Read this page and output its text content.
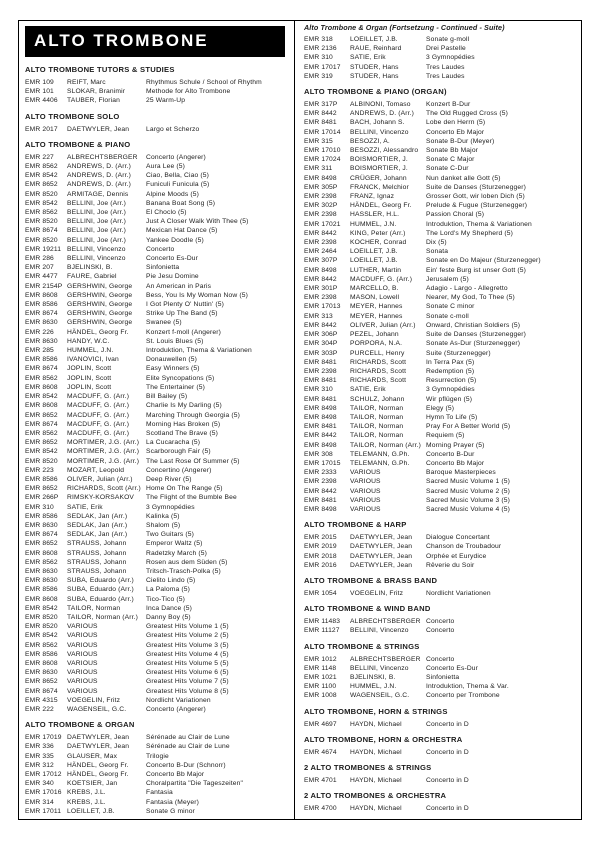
ALTO TROMBONE
ALTO TROMBONE TUTORS & STUDIES
EMR 109	REIFT, Marc	Rhythmus Schule / School of Rhythm
EMR 101	SLOKAR, Branimir	Methode for Alto Trombone
EMR 4406	TAUBER, Florian	25 Warm-Up
ALTO TROMBONE SOLO
EMR 2017	DAETWYLER, Jean	Largo et Scherzo
ALTO TROMBONE & PIANO
EMR 227	ALBRECHTSBERGER	Concerto (Angerer)
EMR 8562	ANDREWS, D. (Arr.)	Aura Lee (5)
EMR 8542	ANDREWS, D. (Arr.)	Ciao, Bella, Ciao (5)
EMR 8652	ANDREWS, D. (Arr.)	Funiculi Funicula (5)
EMR 8520	ARMITAGE, Dennis	Alpine Moods (5)
EMR 8542	BELLINI, Joe (Arr.)	Banana Boat Song (5)
EMR 8562	BELLINI, Joe (Arr.)	El Choclo (5)
EMR 8520	BELLINI, Joe (Arr.)	Just A Closer Walk With Thee (5)
EMR 8674	BELLINI, Joe (Arr.)	Mexican Hat Dance (5)
EMR 8520	BELLINI, Joe (Arr.)	Yankee Doodle (5)
EMR 19211 BELLINI, Vincenzo	Concerto
EMR 286	BELLINI, Vincenzo	Concerto Es-Dur
EMR 207	BJELINSKI, B.	Sinfonietta
EMR 4477	FAURE, Gabriel	Pie Jesu Domine
EMR 2154P GERSHWIN, George	An American in Paris
EMR 8608	GERSHWIN, George	Bess, You Is My Woman Now (5)
EMR 8586	GERSHWIN, George	I Got Plenty O' Nuttin' (5)
EMR 8674	GERSHWIN, George	Strike Up The Band (5)
EMR 8630	GERSHWIN, George	Swanee (5)
EMR 226	HÄNDEL, Georg Fr.	Konzert f-moll (Angerer)
EMR 8630	HANDY, W.C.	St. Louis Blues (5)
EMR 285	HUMMEL, J.N.	Introduktion, Thema & Variationen
EMR 8586	IVANOVICI, Ivan	Donauwellen (5)
EMR 8674	JOPLIN, Scott	Easy Winners (5)
EMR 8562	JOPLIN, Scott	Elite Syncopations (5)
EMR 8608	JOPLIN, Scott	The Entertainer (5)
EMR 8542	MACDUFF, G. (Arr.)	Bill Bailey (5)
EMR 8608	MACDUFF, G. (Arr.)	Charlie Is My Darling (5)
EMR 8652	MACDUFF, G. (Arr.)	Marching Through Georgia (5)
EMR 8674	MACDUFF, G. (Arr.)	Morning Has Broken (5)
EMR 8562	MACDUFF, G. (Arr.)	Scotland The Brave (5)
EMR 8652	MORTIMER, J.G. (Arr.)	La Cucaracha (5)
EMR 8542	MORTIMER, J.G. (Arr.)	Scarborough Fair (5)
EMR 8520	MORTIMER, J.G. (Arr.)	The Last Rose Of Summer (5)
EMR 223	MOZART, Leopold	Concertino (Angerer)
EMR 8586	OLIVER, Julian (Arr.)	Deep River (5)
EMR 8652	RICHARDS, Scott (Arr.) Home On The Range (5)
EMR 266P	RIMSKY-KORSAKOV	The Flight of the Bumble Bee
EMR 310	SATIE, Erik	3 Gymnopédies
EMR 8586	SEDLAK, Jan (Arr.)	Kalinka (5)
EMR 8630	SEDLAK, Jan (Arr.)	Shalom (5)
EMR 8674	SEDLAK, Jan (Arr.)	Two Guitars (5)
EMR 8652	STRAUSS, Johann	Emperor Waltz (5)
EMR 8608	STRAUSS, Johann	Radetzky March (5)
EMR 8562	STRAUSS, Johann	Rosen aus dem Süden (5)
EMR 8630	STRAUSS, Johann	Tritsch-Trasch-Polka (5)
EMR 8630	SUBA, Eduardo (Arr.)	Cielito Lindo (5)
EMR 8586	SUBA, Eduardo (Arr.)	La Paloma (5)
EMR 8608	SUBA, Eduardo (Arr.)	Tico-Tico (5)
EMR 8542	TAILOR, Norman	Inca Dance (5)
EMR 8520	TAILOR, Norman (Arr.)	Danny Boy (5)
EMR 8520	VARIOUS	Greatest Hits Volume 1 (5)
EMR 8542	VARIOUS	Greatest Hits Volume 2 (5)
EMR 8562	VARIOUS	Greatest Hits Volume 3 (5)
EMR 8586	VARIOUS	Greatest Hits Volume 4 (5)
EMR 8608	VARIOUS	Greatest Hits Volume 5 (5)
EMR 8630	VARIOUS	Greatest Hits Volume 6 (5)
EMR 8652	VARIOUS	Greatest Hits Volume 7 (5)
EMR 8674	VARIOUS	Greatest Hits Volume 8 (5)
EMR 4315	VOEGELIN, Fritz	Nordlicht Variationen
EMR 222	WAGENSEIL, G.C.	Concerto (Angerer)
ALTO TROMBONE & ORGAN
EMR 17019 DAETWYLER, Jean	Sérénade au Clair de Lune
EMR 336	DAETWYLER, Jean	Sérénade au Clair de Lune
EMR 335	GLAUSER, Max	Trilogie
EMR 312	HÄNDEL, Georg Fr.	Concerto B-Dur (Schnorr)
EMR 17012 HÄNDEL, Georg Fr.	Concerto Bb Major
EMR 340	KOETSIER, Jan	Choralpartita "Die Tageszeiten"
EMR 17016 KREBS, J.L.	Fantasia
EMR 314	KREBS, J.L.	Fantasia (Meyer)
EMR 17011 LOEILLET, J.B.	Sonate G minor
Alto Trombone & Organ (Fortsetzung - Continued - Suite)
EMR 318	LOEILLET, J.B.	Sonate g-moll
EMR 2136	RAUE, Reinhard	Drei Pastelle
EMR 310	SATIE, Erik	3 Gymnopédies
EMR 17017	STUDER, Hans	Tres Laudes
EMR 319	STUDER, Hans	Tres Laudes
ALTO TROMBONE & PIANO (ORGAN)
EMR 317P	ALBINONI, Tomaso	Konzert B-Dur
EMR 8442	ANDREWS, D. (Arr.)	The Old Rugged Cross (5)
EMR 8481	BACH, Johann S.	Lobe den Herrn (5)
EMR 17014	BELLINI, Vincenzo	Concerto Eb Major
EMR 315	BESOZZI, A.	Sonate B-Dur (Meyer)
EMR 17010	BESOZZI, Alessandro	Sonate Bb Major
EMR 17024	BOISMORTIER, J.	Sonate C Major
EMR 311	BOISMORTIER, J.	Sonate C-Dur
EMR 8498	CRÜGER, Johann	Nun danket alle Gott (5)
EMR 305P	FRANCK, Melchior	Suite de Danses (Sturzenegger)
EMR 2398	FRANZ, Ignaz	Grosser Gott, wir loben Dich (5)
EMR 302P	HÄNDEL, Georg Fr.	Prelude & Fugue (Sturzenegger)
EMR 2398	HASSLER, H.L.	Passion Choral (5)
EMR 17021	HUMMEL, J.N.	Introduktion, Thema & Variationen
EMR 8442	KING, Peter (Arr.)	The Lord's My Shepherd (5)
EMR 2398	KOCHER, Conrad	Dix (5)
EMR 2464	LOEILLET, J.B.	Sonata
EMR 307P	LOEILLET, J.B.	Sonate en Do Majeur (Sturzenegger)
EMR 8498	LUTHER, Martin	Ein' feste Burg ist unser Gott (5)
EMR 8442	MACDUFF, G. (Arr.)	Jerusalem (5)
EMR 301P	MARCELLO, B.	Adagio - Largo - Allegretto
EMR 2398	MASON, Lowell	Nearer, My God, To Thee (5)
EMR 17013	MEYER, Hannes	Sonate C minor
EMR 313	MEYER, Hannes	Sonate c-moll
EMR 8442	OLIVER, Julian (Arr.)	Onward, Christian Soldiers (5)
EMR 306P	PEZEL, Johann	Suite de Danses (Sturzenegger)
EMR 304P	PORPORA, N.A.	Sonate As-Dur (Sturzenegger)
EMR 303P	PURCELL, Henry	Suite (Sturzenegger)
EMR 8481	RICHARDS, Scott	In Terra Pax (5)
EMR 2398	RICHARDS, Scott	Redemption (5)
EMR 8481	RICHARDS, Scott	Resurrection (5)
EMR 310	SATIE, Erik	3 Gymnopédies
EMR 8481	SCHULZ, Johann	Wir pflügen (5)
EMR 8498	TAILOR, Norman	Elegy (5)
EMR 8498	TAILOR, Norman	Hymn To Life (5)
EMR 8481	TAILOR, Norman	Pray For A Better World (5)
EMR 8442	TAILOR, Norman	Requiem (5)
EMR 8498	TAILOR, Norman (Arr.) Morning Prayer (5)
EMR 308	TELEMANN, G.Ph.	Concerto B-Dur
EMR 17015	TELEMANN, G.Ph.	Concerto Bb Major
EMR 2333	VARIOUS	Baroque Masterpieces
EMR 2398	VARIOUS	Sacred Music Volume 1 (5)
EMR 8442	VARIOUS	Sacred Music Volume 2 (5)
EMR 8481	VARIOUS	Sacred Music Volume 3 (5)
EMR 8498	VARIOUS	Sacred Music Volume 4 (5)
ALTO TROMBONE & HARP
EMR 2015	DAETWYLER, Jean	Dialogue Concertant
EMR 2019	DAETWYLER, Jean	Chanson de Troubadour
EMR 2018	DAETWYLER, Jean	Orphée et Eurydice
EMR 2016	DAETWYLER, Jean	Rêverie du Soir
ALTO TROMBONE & BRASS BAND
EMR 1054	VOEGELIN, Fritz	Nordlicht Variationen
ALTO TROMBONE & WIND BAND
EMR 11483	ALBRECHTSBERGER Concerto
EMR 11127	BELLINI, Vincenzo	Concerto
ALTO TROMBONE & STRINGS
EMR 1012	ALBRECHTSBERGER Concerto
EMR 1148	BELLINI, Vincenzo	Concerto Es-Dur
EMR 1021	BJELINSKI, B.	Sinfonietta
EMR 1100	HUMMEL, J.N.	Introduktion, Thema & Var.
EMR 1008	WAGENSEIL, G.C.	Concerto per Trombone
ALTO TROMBONE, HORN & STRINGS
EMR 4697	HAYDN, Michael	Concerto in D
ALTO TROMBONE, HORN & ORCHESTRA
EMR 4674	HAYDN, Michael	Concerto in D
2 ALTO TROMBONES & STRINGS
EMR 4701	HAYDN, Michael	Concerto in D
2 ALTO TROMBONES & ORCHESTRA
EMR 4700	HAYDN, Michael	Concerto in D
